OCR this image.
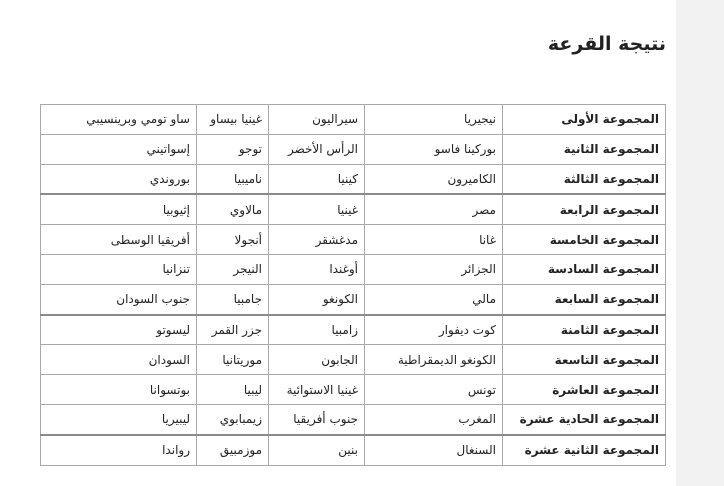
نتيجة القرعة
المجموعة الأولى	نيجيريا	سيراليون	غينيا بيساو	ساو تومي وبرينسيبي
المجموعة الثانية	بوركينا فاسو	الرأس الأخضر	توجو	إسواتيني
المجموعة الثالثة	الكاميرون	كينيا	ناميبيا	بوروندي
المجموعة الرابعة	مصر	غينيا	مالاوي	إثيوبيا
المجموعة الخامسة	غانا	مدغشقر	أنجولا	أفريقيا الوسطى
المجموعة السادسة	الجزائر	أوغندا	النيجر	تنزانيا
المجموعة السابعة	مالي	الكونغو	جامبيا	جنوب السودان
المجموعة الثامنة	كوت ديفوار	زامبيا	جزر القمر	ليسوتو
المجموعة التاسعة	الكونغو الديمقراطية	الجابون	موريتانيا	السودان
المجموعة العاشرة	تونس	غينيا الاستوائية	ليبيا	بوتسوانا
المجموعة الحادية عشرة	المغرب	جنوب أفريقيا	زيمبابوي	ليبيريا
المجموعة الثانية عشرة	السنغال	بنين	موزمبيق	رواندا
